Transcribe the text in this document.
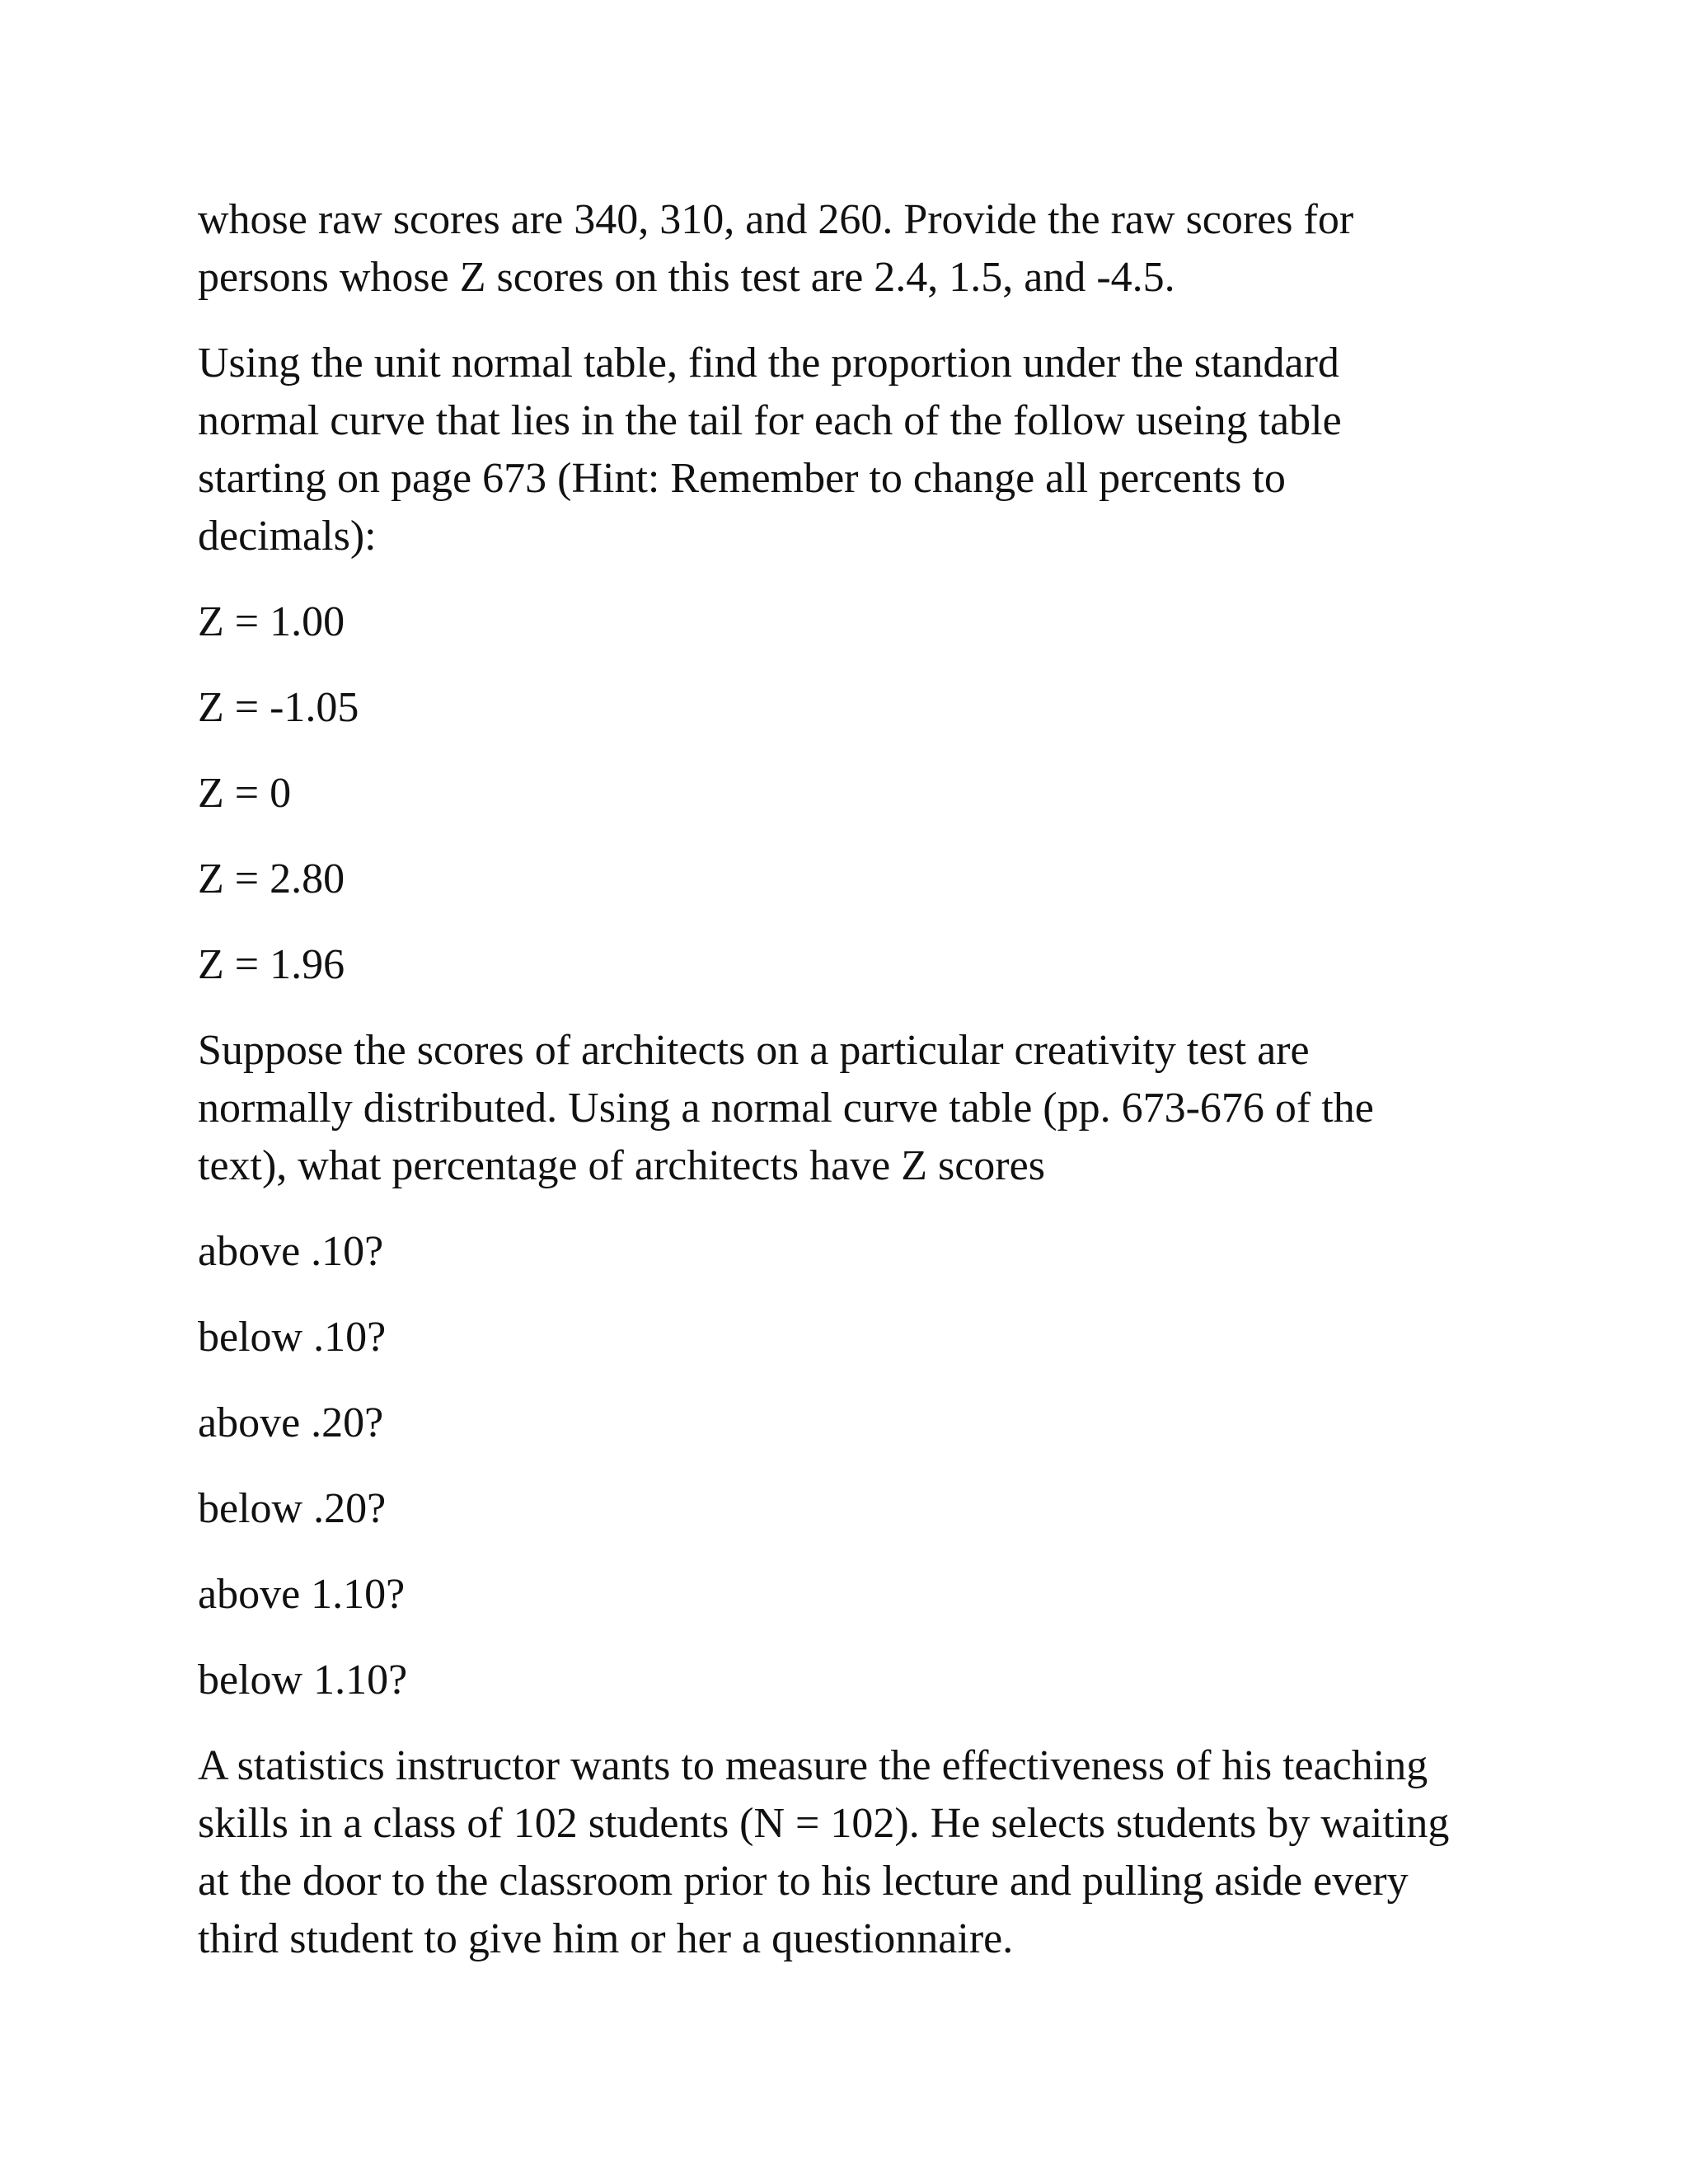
whose raw scores are 340, 310, and 260. Provide the raw scores for
persons whose Z scores on this test are 2.4, 1.5, and -4.5.
Using the unit normal table, find the proportion under the standard
normal curve that lies in the tail for each of the follow useing table
starting on page 673 (Hint: Remember to change all percents to
decimals):
Z = 1.00
Z = -1.05
Z = 0
Z = 2.80
Z = 1.96
Suppose the scores of architects on a particular creativity test are
normally distributed. Using a normal curve table (pp. 673-676 of the
text), what percentage of architects have Z scores
above .10?
below .10?
above .20?
below .20?
above 1.10?
below 1.10?
A statistics instructor wants to measure the effectiveness of his teaching
skills in a class of 102 students (N = 102). He selects students by waiting
at the door to the classroom prior to his lecture and pulling aside every
third student to give him or her a questionnaire.
